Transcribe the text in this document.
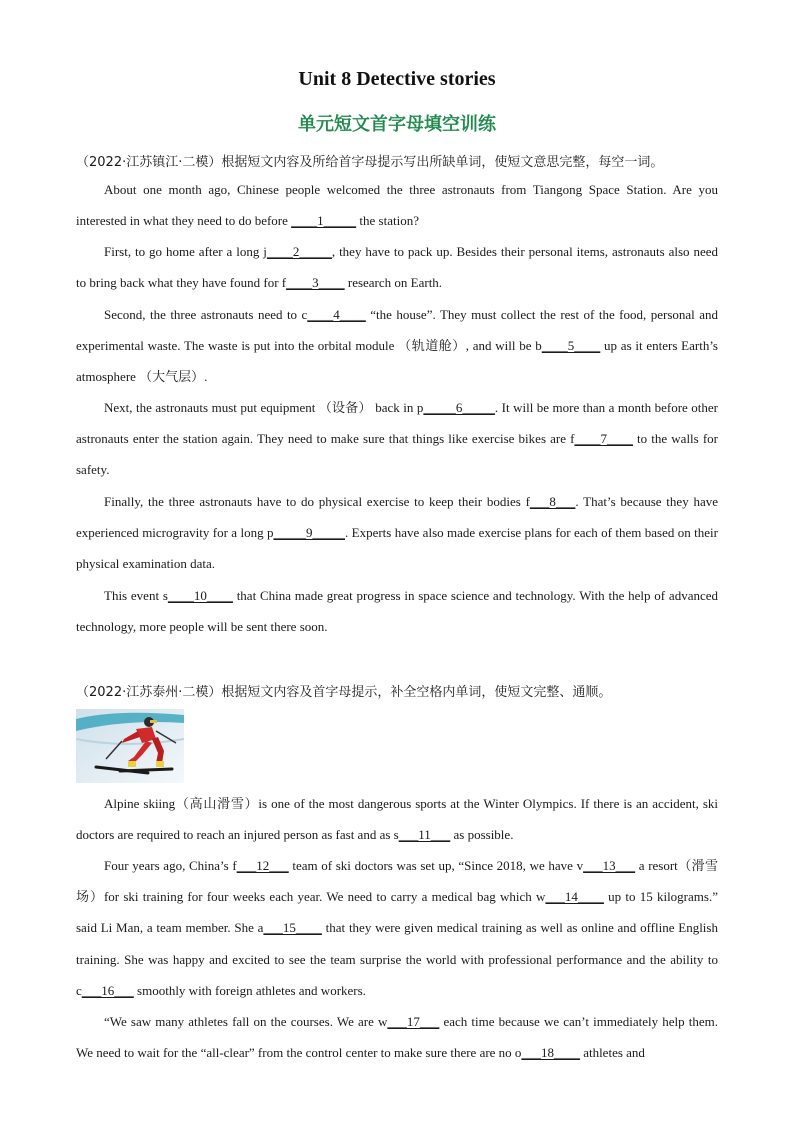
Unit 8 Detective stories
单元短文首字母填空训练
（2022·江苏镇江·二模）根据短文内容及所给首字母提示写出所缺单词，使短文意思完整，每空一词。

About one month ago, Chinese people welcomed the three astronauts from Tiangong Space Station. Are you interested in what they need to do before ____1_____ the station?

First, to go home after a long j____2_____, they have to pack up. Besides their personal items, astronauts also need to bring back what they have found for f____3____ research on Earth.

Second, the three astronauts need to c____4____ “the house”. They must collect the rest of the food, personal and experimental waste. The waste is put into the orbital module （轨道舱）, and will be b____5____ up as it enters Earth’s atmosphere （大气层）.

Next, the astronauts must put equipment （设备） back in p_____6_____. It will be more than a month before other astronauts enter the station again. They need to make sure that things like exercise bikes are f____7____ to the walls for safety.

Finally, the three astronauts have to do physical exercise to keep their bodies f___8___. That’s because they have experienced microgravity for a long p_____9_____. Experts have also made exercise plans for each of them based on their physical examination data.

This event s____10____ that China made great progress in space science and technology. With the help of advanced technology, more people will be sent there soon.

（2022·江苏泰州·二模）根据短文内容及首字母提示，补全空格内单词，使短文完整、通顺。

Alpine skiing（高山滑雪）is one of the most dangerous sports at the Winter Olympics. If there is an accident, ski doctors are required to reach an injured person as fast and as s___11___ as possible.

Four years ago, China’s f___12___ team of ski doctors was set up, “Since 2018, we have v___13___ a resort（滑雪场）for ski training for four weeks each year. We need to carry a medical bag which w___14____ up to 15 kilograms.” said Li Man, a team member. She a___15____ that they were given medical training as well as online and offline English training. She was happy and excited to see the team surprise the world with professional performance and the ability to c___16___ smoothly with foreign athletes and workers.

“We saw many athletes fall on the courses. We are w___17___ each time because we can’t immediately help them. We need to wait for the “all-clear” from the control center to make sure there are no o___18____ athletes and
